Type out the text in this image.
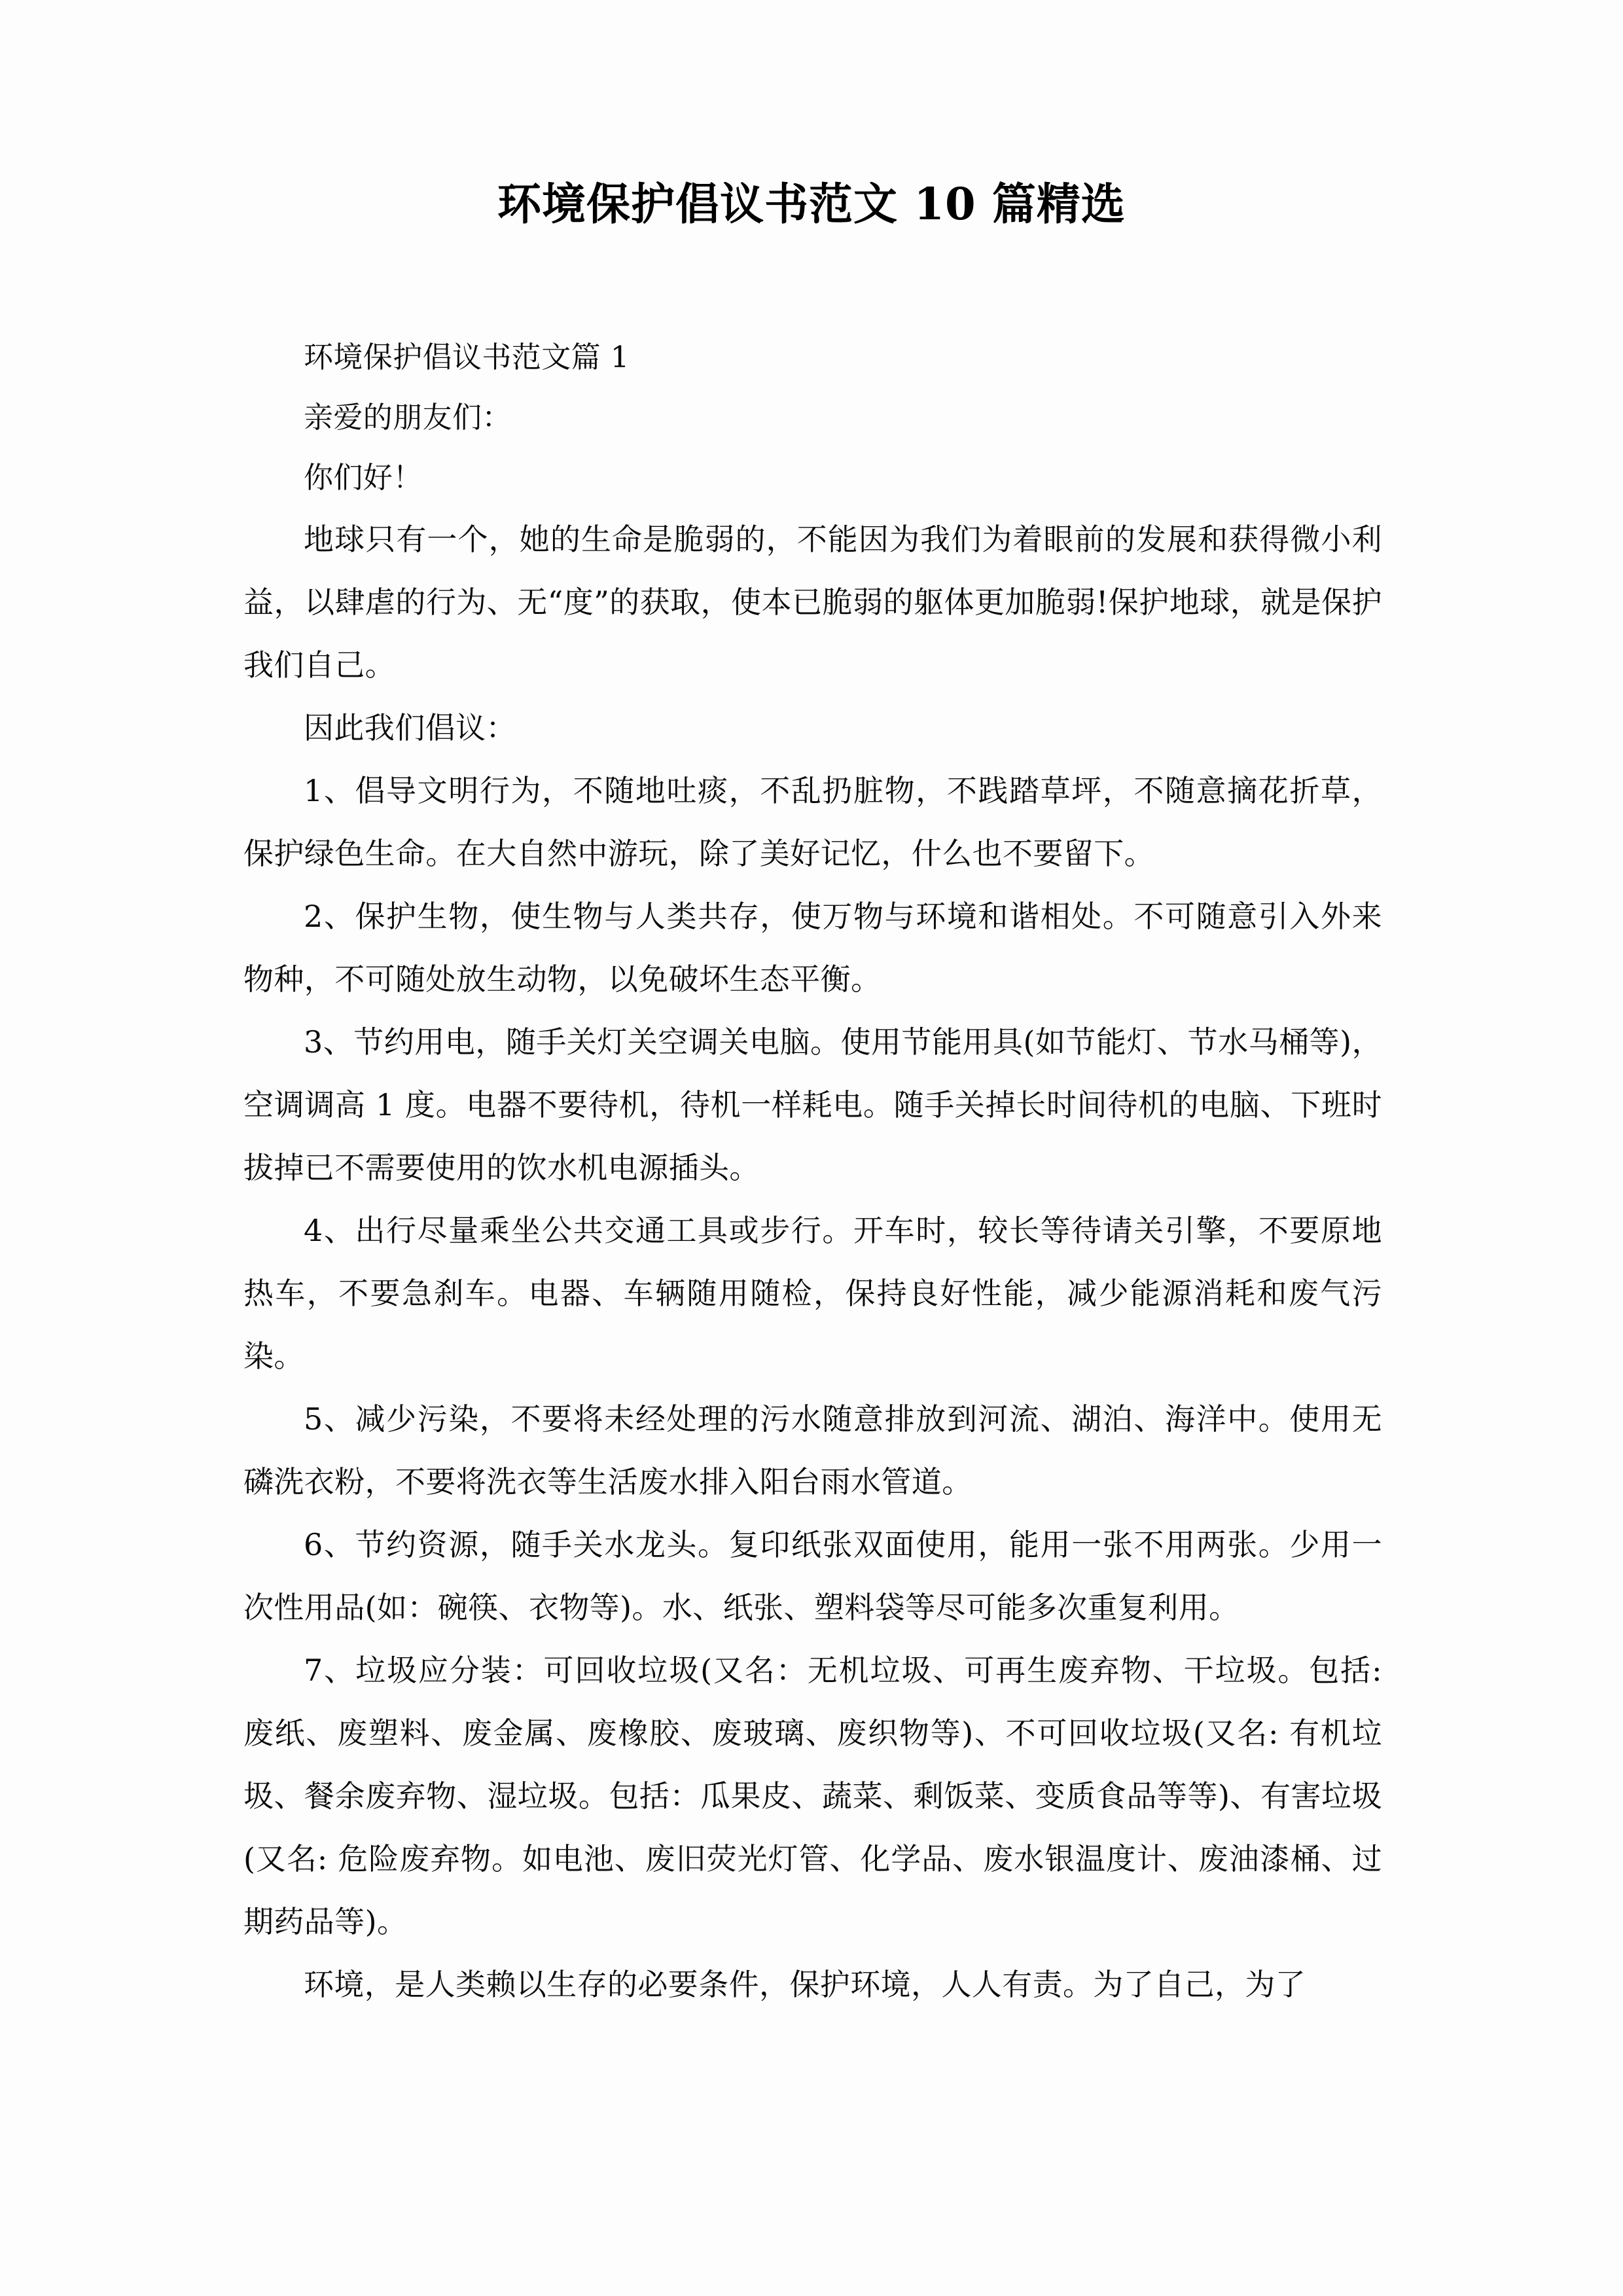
环境保护倡议书范文 10 篇精选

环境保护倡议书范文篇 1

亲爱的朋友们：

你们好！

地球只有一个，她的生命是脆弱的，不能因为我们为着眼前的发展和获得微小利益，以肆虐的行为、无“度”的获取，使本已脆弱的躯体更加脆弱!保护地球，就是保护我们自己。

因此我们倡议：

1、倡导文明行为，不随地吐痰，不乱扔脏物，不践踏草坪，不随意摘花折草，保护绿色生命。在大自然中游玩，除了美好记忆，什么也不要留下。

2、保护生物，使生物与人类共存，使万物与环境和谐相处。不可随意引入外来物种，不可随处放生动物，以免破坏生态平衡。

3、节约用电，随手关灯关空调关电脑。使用节能用具(如节能灯、节水马桶等)，空调调高 1 度。电器不要待机，待机一样耗电。随手关掉长时间待机的电脑、下班时拔掉已不需要使用的饮水机电源插头。

4、出行尽量乘坐公共交通工具或步行。开车时，较长等待请关引擎，不要原地热车，不要急刹车。电器、车辆随用随检，保持良好性能，减少能源消耗和废气污染。

5、减少污染，不要将未经处理的污水随意排放到河流、湖泊、海洋中。使用无磷洗衣粉，不要将洗衣等生活废水排入阳台雨水管道。

6、节约资源，随手关水龙头。复印纸张双面使用，能用一张不用两张。少用一次性用品(如：碗筷、衣物等)。水、纸张、塑料袋等尽可能多次重复利用。

7、垃圾应分装：可回收垃圾(又名：无机垃圾、可再生废弃物、干垃圾。包括: 废纸、废塑料、废金属、废橡胶、废玻璃、废织物等)、不可回收垃圾(又名: 有机垃圾、餐余废弃物、湿垃圾。包括：瓜果皮、蔬菜、剩饭菜、变质食品等等)、有害垃圾(又名: 危险废弃物。如电池、废旧荧光灯管、化学品、废水银温度计、废油漆桶、过期药品等)。

环境，是人类赖以生存的必要条件，保护环境，人人有责。为了自己，为了
